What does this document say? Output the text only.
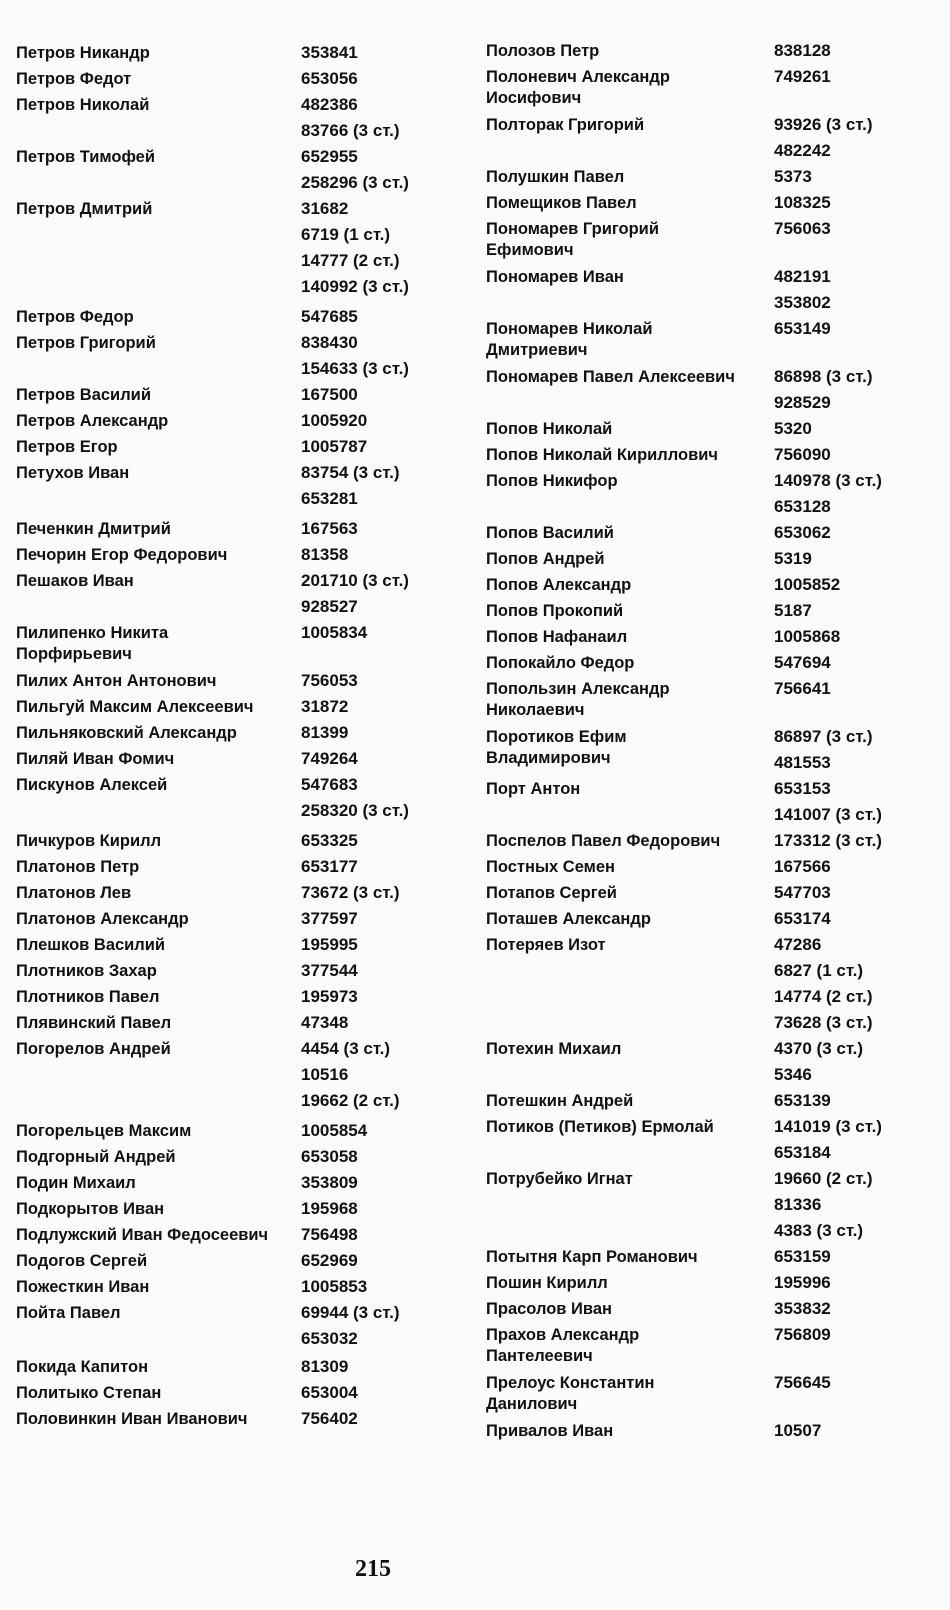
Петров Никандр	353841
Петров Федот	653056
Петров Николай	482386
83766 (3 ст.)
Петров Тимофей	652955
258296 (3 ст.)
Петров Дмитрий	31682
6719 (1 ст.)
14777 (2 ст.)
140992 (3 ст.)
Петров Федор	547685
Петров Григорий	838430
154633 (3 ст.)
Петров Василий	167500
Петров Александр	1005920
Петров Егор	1005787
Петухов Иван	83754 (3 ст.)
653281
Печенкин Дмитрий	167563
Печорин Егор Федорович	81358
Пешаков Иван	201710 (3 ст.)
928527
Пилипенко Никита
Порфирьевич
1005834
Пилих Антон Антонович	756053
Пильгуй Максим Алексеевич	31872
Пильняковский Александр	81399
Пиляй Иван Фомич	749264
Пискунов Алексей	547683
258320 (3 ст.)
Пичкуров Кирилл	653325
Платонов Петр	653177
Платонов Лев	73672 (3 ст.)
Платонов Александр	377597
Плешков Василий	195995
Плотников Захар	377544
Плотников Павел	195973
Плявинский Павел	47348
Погорелов Андрей	4454 (3 ст.)
10516
19662 (2 ст.)
Погорельцев Максим	1005854
Подгорный Андрей	653058
Подин Михаил	353809
Подкорытов Иван	195968
Подлужский Иван Федосеевич	756498
Подогов Сергей	652969
Пожесткин Иван	1005853
Пойта Павел	69944 (3 ст.)
653032
Покида Капитон	81309
Политыко Степан	653004
Половинкин Иван Иванович	756402
Полозов Петр	838128
Полоневич Александр
Иосифович
749261
Полторак Григорий	93926 (3 ст.)
482242
Полушкин Павел	5373
Помещиков Павел	108325
Пономарев Григорий
Ефимович
756063
Пономарев Иван	482191
353802
Пономарев Николай
Дмитриевич
653149
Пономарев Павел Алексеевич	86898 (3 ст.)
928529
Попов Николай	5320
Попов Николай Кириллович	756090
Попов Никифор	140978 (3 ст.)
653128
Попов Василий	653062
Попов Андрей	5319
Попов Александр	1005852
Попов Прокопий	5187
Попов Нафанаил	1005868
Попокайло Федор	547694
Попользин Александр
Николаевич
756641
Поротиков Ефим
Владимирович
86897 (3 ст.)
481553
Порт Антон	653153
141007 (3 ст.)
Поспелов Павел Федорович	173312 (3 ст.)
Постных Семен	167566
Потапов Сергей	547703
Поташев Александр	653174
Потеряев Изот	47286
6827 (1 ст.)
14774 (2 ст.)
73628 (3 ст.)
Потехин Михаил	4370 (3 ст.)
5346
Потешкин Андрей	653139
Потиков (Петиков) Ермолай	141019 (3 ст.)
653184
Потрубейко Игнат	19660 (2 ст.)
81336
4383 (3 ст.)
Потытня Карп Романович	653159
Пошин Кирилл	195996
Прасолов Иван	353832
Прахов Александр
Пантелеевич
756809
Прелоус Константин
Данилович
756645
Привалов Иван	10507
215
